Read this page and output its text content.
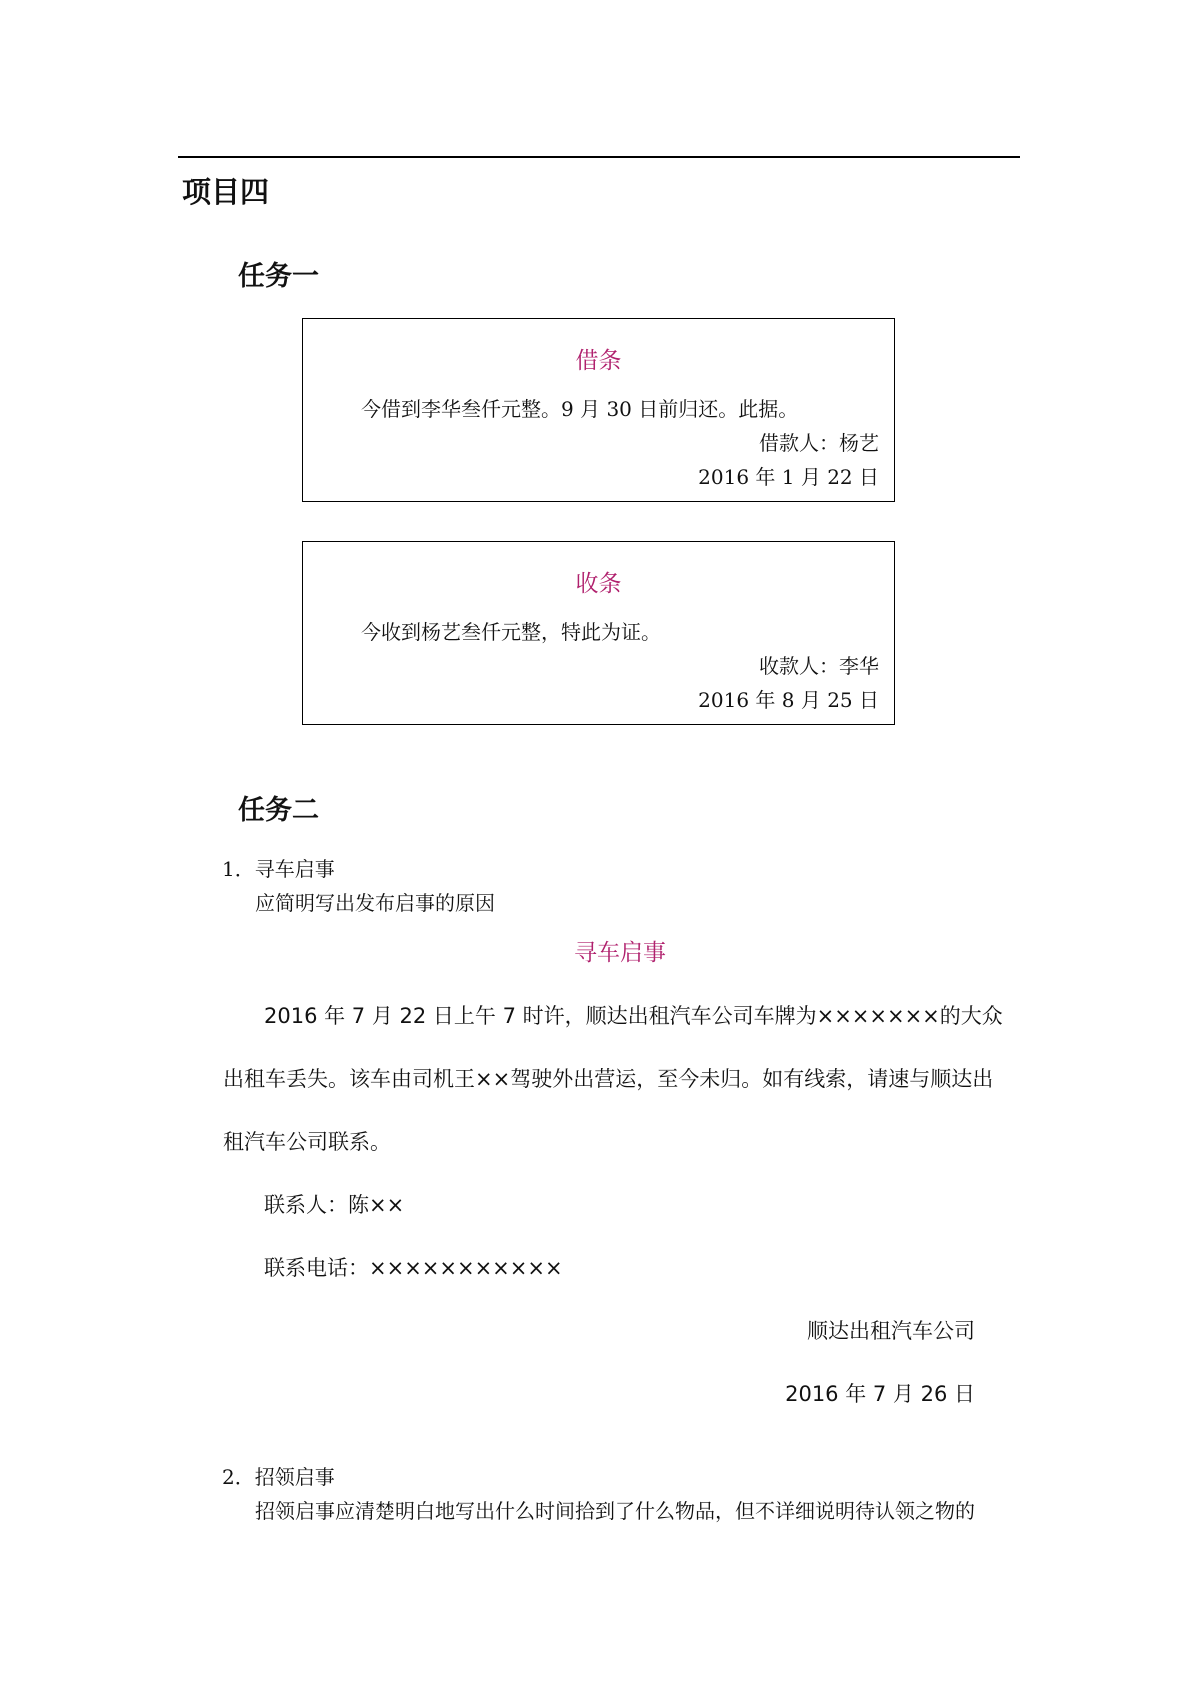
项目四
任务一
借条
今借到李华叁仟元整。9 月 30 日前归还。此据。
借款人：杨艺
2016 年 1 月 22 日
收条
今收到杨艺叁仟元整，特此为证。
收款人：李华
2016 年 8 月 25 日
任务二
1．寻车启事
应简明写出发布启事的原因
寻车启事
2016 年 7 月 22 日上午 7 时许，顺达出租汽车公司车牌为×××××××的大众
出租车丢失。该车由司机王××驾驶外出营运，至今未归。如有线索，请速与顺达出
租汽车公司联系。
联系人：陈××
联系电话：×××××××××××
顺达出租汽车公司
2016 年 7 月 26 日
2．招领启事
招领启事应清楚明白地写出什么时间拾到了什么物品，但不详细说明待认领之物的
